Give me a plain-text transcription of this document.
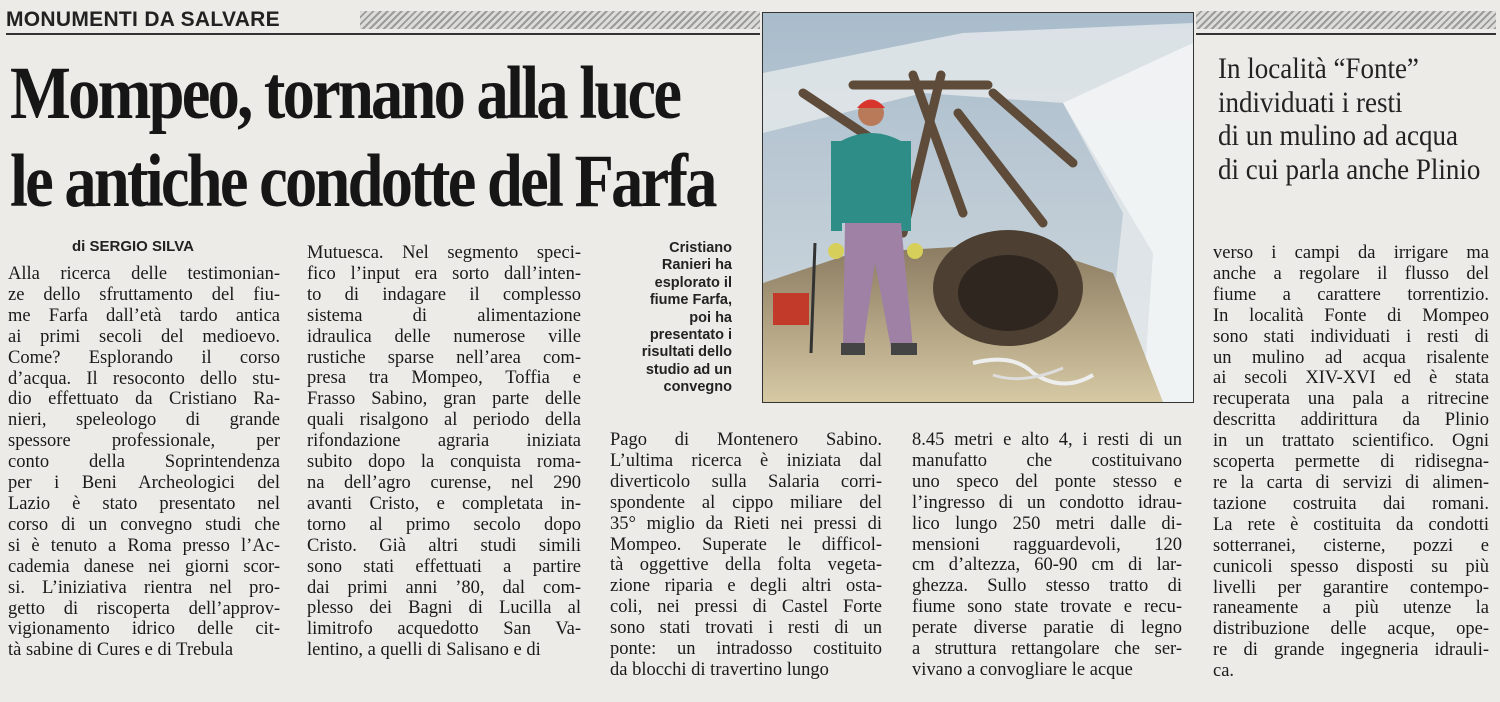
MONUMENTI DA SALVARE
Mompeo, tornano alla luce
le antiche condotte del Farfa
di SERGIO SILVA
Alla ricerca delle testimonian-
ze dello sfruttamento del fiu-
me Farfa dall’età tardo antica
ai primi secoli del medioevo.
Come? Esplorando il corso
d’acqua. Il resoconto dello stu-
dio effettuato da Cristiano Ra-
nieri, speleologo di grande
spessore professionale, per
conto della Soprintendenza
per i Beni Archeologici del
Lazio è stato presentato nel
corso di un convegno studi che
si è tenuto a Roma presso l’Ac-
cademia danese nei giorni scor-
si. L’iniziativa rientra nel pro-
getto di riscoperta dell’approv-
vigionamento idrico delle cit-
tà sabine di Cures e di Trebula
Mutuesca. Nel segmento speci-
fico l’input era sorto dall’inten-
to di indagare il complesso
sistema di alimentazione
idraulica delle numerose ville
rustiche sparse nell’area com-
presa tra Mompeo, Toffia e
Frasso Sabino, gran parte delle
quali risalgono al periodo della
rifondazione agraria iniziata
subito dopo la conquista roma-
na dell’agro curense, nel 290
avanti Cristo, e completata in-
torno al primo secolo dopo
Cristo. Già altri studi simili
sono stati effettuati a partire
dai primi anni ’80, dal com-
plesso dei Bagni di Lucilla al
limitrofo acquedotto San Va-
lentino, a quelli di Salisano e di
Pago di Montenero Sabino.
L’ultima ricerca è iniziata dal
diverticolo sulla Salaria corri-
spondente al cippo miliare del
35° miglio da Rieti nei pressi di
Mompeo. Superate le difficol-
tà oggettive della folta vegeta-
zione riparia e degli altri osta-
coli, nei pressi di Castel Forte
sono stati trovati i resti di un
ponte: un intradosso costituito
da blocchi di travertino lungo
8.45 metri e alto 4, i resti di un
manufatto che costituivano
uno speco del ponte stesso e
l’ingresso di un condotto idrau-
lico lungo 250 metri dalle di-
mensioni ragguardevoli, 120
cm d’altezza, 60-90 cm di lar-
ghezza. Sullo stesso tratto di
fiume sono state trovate e recu-
perate diverse paratie di legno
a struttura rettangolare che ser-
vivano a convogliare le acque
verso i campi da irrigare ma
anche a regolare il flusso del
fiume a carattere torrentizio.
In località Fonte di Mompeo
sono stati individuati i resti di
un mulino ad acqua risalente
ai secoli XIV-XVI ed è stata
recuperata una pala a ritrecine
descritta addirittura da Plinio
in un trattato scientifico. Ogni
scoperta permette di ridisegna-
re la carta di servizi di alimen-
tazione costruita dai romani.
La rete è costituita da condotti
sotterranei, cisterne, pozzi e
cunicoli spesso disposti su più
livelli per garantire contempo-
raneamente a più utenze la
distribuzione delle acque, ope-
re di grande ingegneria idrauli-
ca.
Cristiano
Ranieri ha
esplorato il
fiume Farfa,
poi ha
presentato i
risultati dello
studio ad un
convegno
In località “Fonte”
individuati i resti
di un mulino ad acqua
di cui parla anche Plinio
